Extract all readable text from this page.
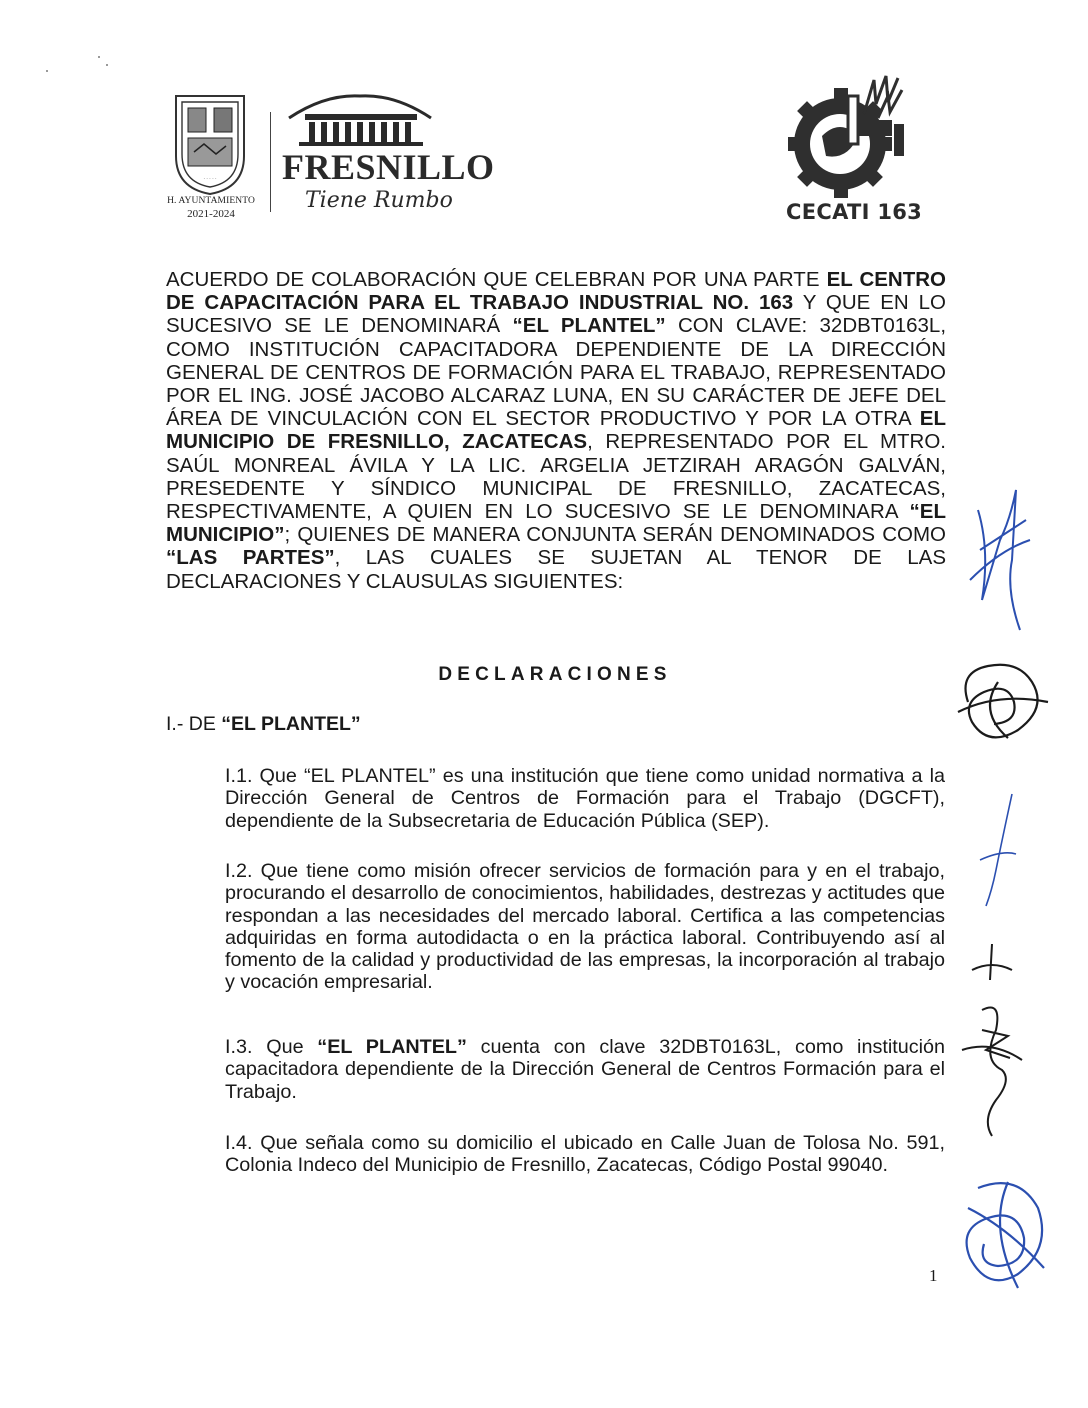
· · · · ·
H. AYUNTAMIENTO
2021-2024
FRESNILLO
Tiene Rumbo	CECATI 163
ACUERDO DE COLABORACIÓN QUE CELEBRAN POR UNA PARTE EL CENTRO DE CAPACITACIÓN PARA EL TRABAJO INDUSTRIAL NO. 163 Y QUE EN LO SUCESIVO SE LE DENOMINARÁ “EL PLANTEL” CON CLAVE: 32DBT0163L, COMO INSTITUCIÓN CAPACITADORA DEPENDIENTE DE LA DIRECCIÓN GENERAL DE CENTROS DE FORMACIÓN PARA EL TRABAJO, REPRESENTADO POR EL ING. JOSÉ JACOBO ALCARAZ LUNA, EN SU CARÁCTER DE JEFE DEL ÁREA DE VINCULACIÓN CON EL SECTOR PRODUCTIVO Y POR LA OTRA EL MUNICIPIO DE FRESNILLO, ZACATECAS, REPRESENTADO POR EL MTRO. SAÚL MONREAL ÁVILA Y LA LIC. ARGELIA JETZIRAH ARAGÓN GALVÁN, PRESEDENTE Y SÍNDICO MUNICIPAL DE FRESNILLO, ZACATECAS, RESPECTIVAMENTE, A QUIEN EN LO SUCESIVO SE LE DENOMINARA “EL MUNICIPIO”; QUIENES DE MANERA CONJUNTA SERÁN DENOMINADOS COMO “LAS PARTES”, LAS CUALES SE SUJETAN AL TENOR DE LAS DECLARACIONES Y CLAUSULAS SIGUIENTES:
DECLARACIONES
I.- DE “EL PLANTEL”
I.1. Que “EL PLANTEL” es una institución que tiene como unidad normativa a la Dirección General de Centros de Formación para el Trabajo (DGCFT), dependiente de la Subsecretaria de Educación Pública (SEP).
I.2. Que tiene como misión ofrecer servicios de formación para y en el trabajo, procurando el desarrollo de conocimientos, habilidades, destrezas y actitudes que respondan a las necesidades del mercado laboral. Certifica a las competencias adquiridas en forma autodidacta o en la práctica laboral. Contribuyendo así al fomento de la calidad y productividad de las empresas, la incorporación al trabajo y vocación empresarial.
I.3. Que “EL PLANTEL” cuenta con clave 32DBT0163L, como institución capacitadora dependiente de la Dirección General de Centros Formación para el Trabajo.
I.4. Que señala como su domicilio el ubicado en Calle Juan de Tolosa No. 591, Colonia Indeco del Municipio de Fresnillo, Zacatecas, Código Postal 99040.
1
